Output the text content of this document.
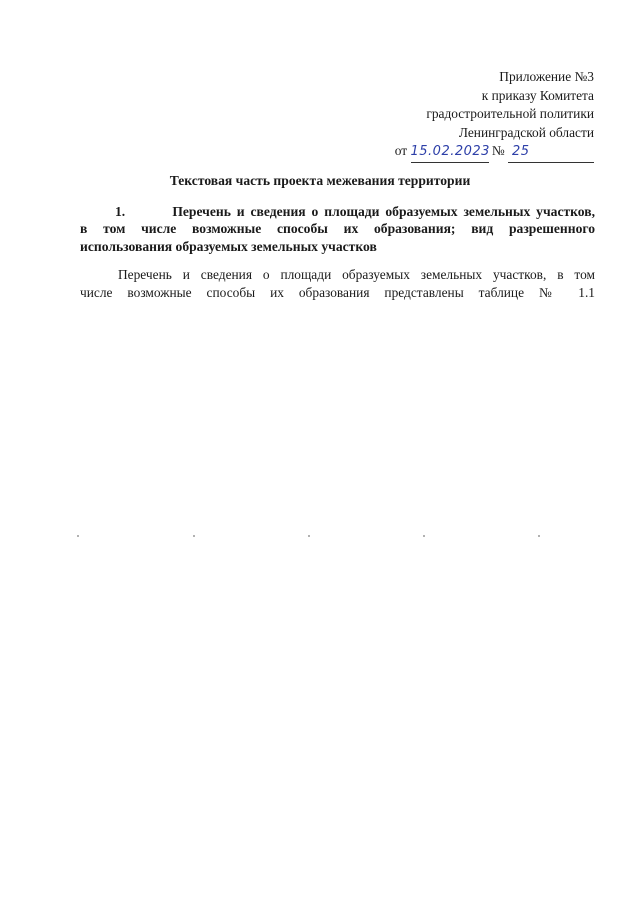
Приложение №3
к приказу Комитета
градостроительной политики
Ленинградской области
от 15.02.2023 № 25
Текстовая часть проекта межевания территории
1.	Перечень и сведения о площади образуемых земельных участков,
в том числе возможные способы их образования; вид разрешенного
использования образуемых земельных участков
Перечень и сведения о площади образуемых земельных участков, в том
числе возможные способы их образования представлены таблице № 1.1
